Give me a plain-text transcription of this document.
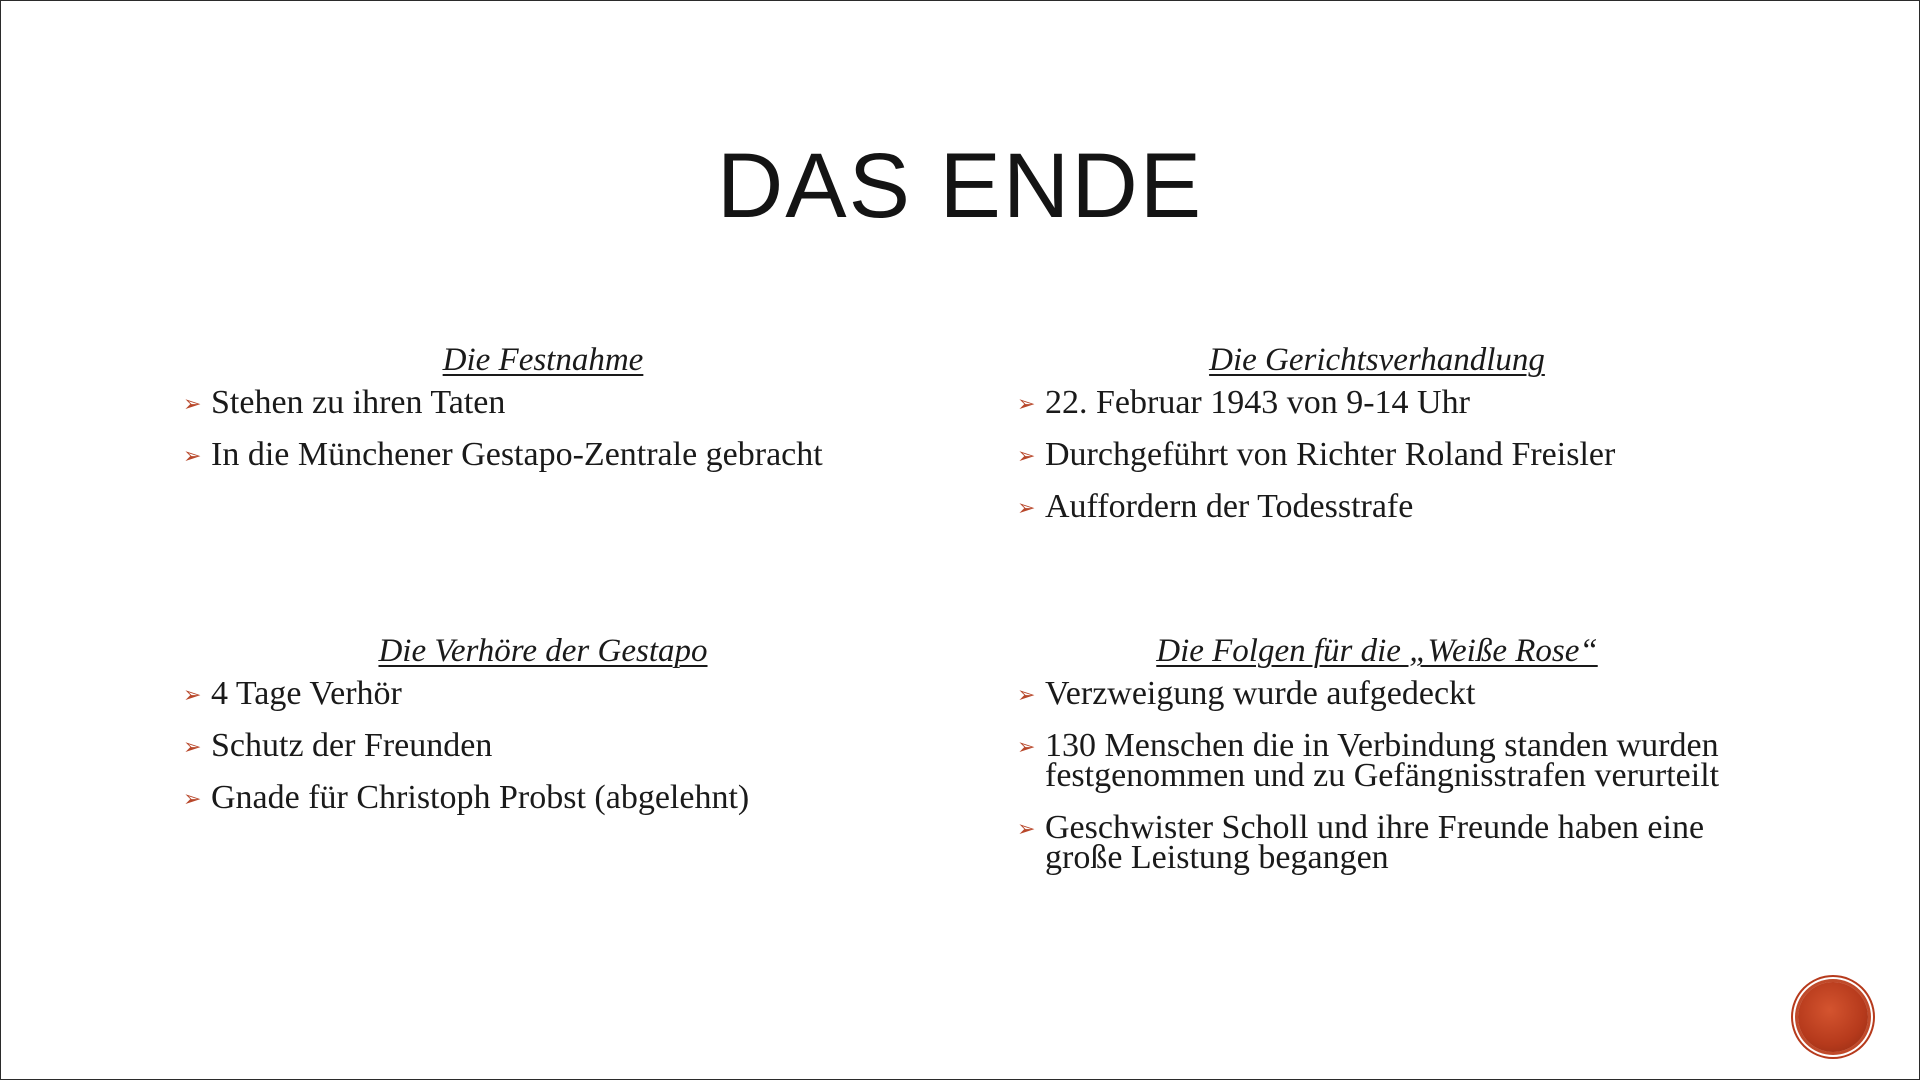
DAS ENDE
Die Festnahme
➢ Stehen zu ihren Taten
➢ In die Münchener Gestapo-Zentrale gebracht
Die Gerichtsverhandlung
➢ 22. Februar 1943 von 9-14 Uhr
➢ Durchgeführt von Richter Roland Freisler
➢ Auffordern der Todesstrafe
Die Verhöre der Gestapo
➢ 4 Tage Verhör
➢ Schutz der Freunden
➢ Gnade für Christoph Probst (abgelehnt)
Die Folgen für die „Weiße Rose“
➢ Verzweigung wurde aufgedeckt
➢ 130 Menschen die in Verbindung standen wurden festgenommen und zu Gefängnisstrafen verurteilt
➢ Geschwister Scholl und ihre Freunde haben eine große Leistung begangen
